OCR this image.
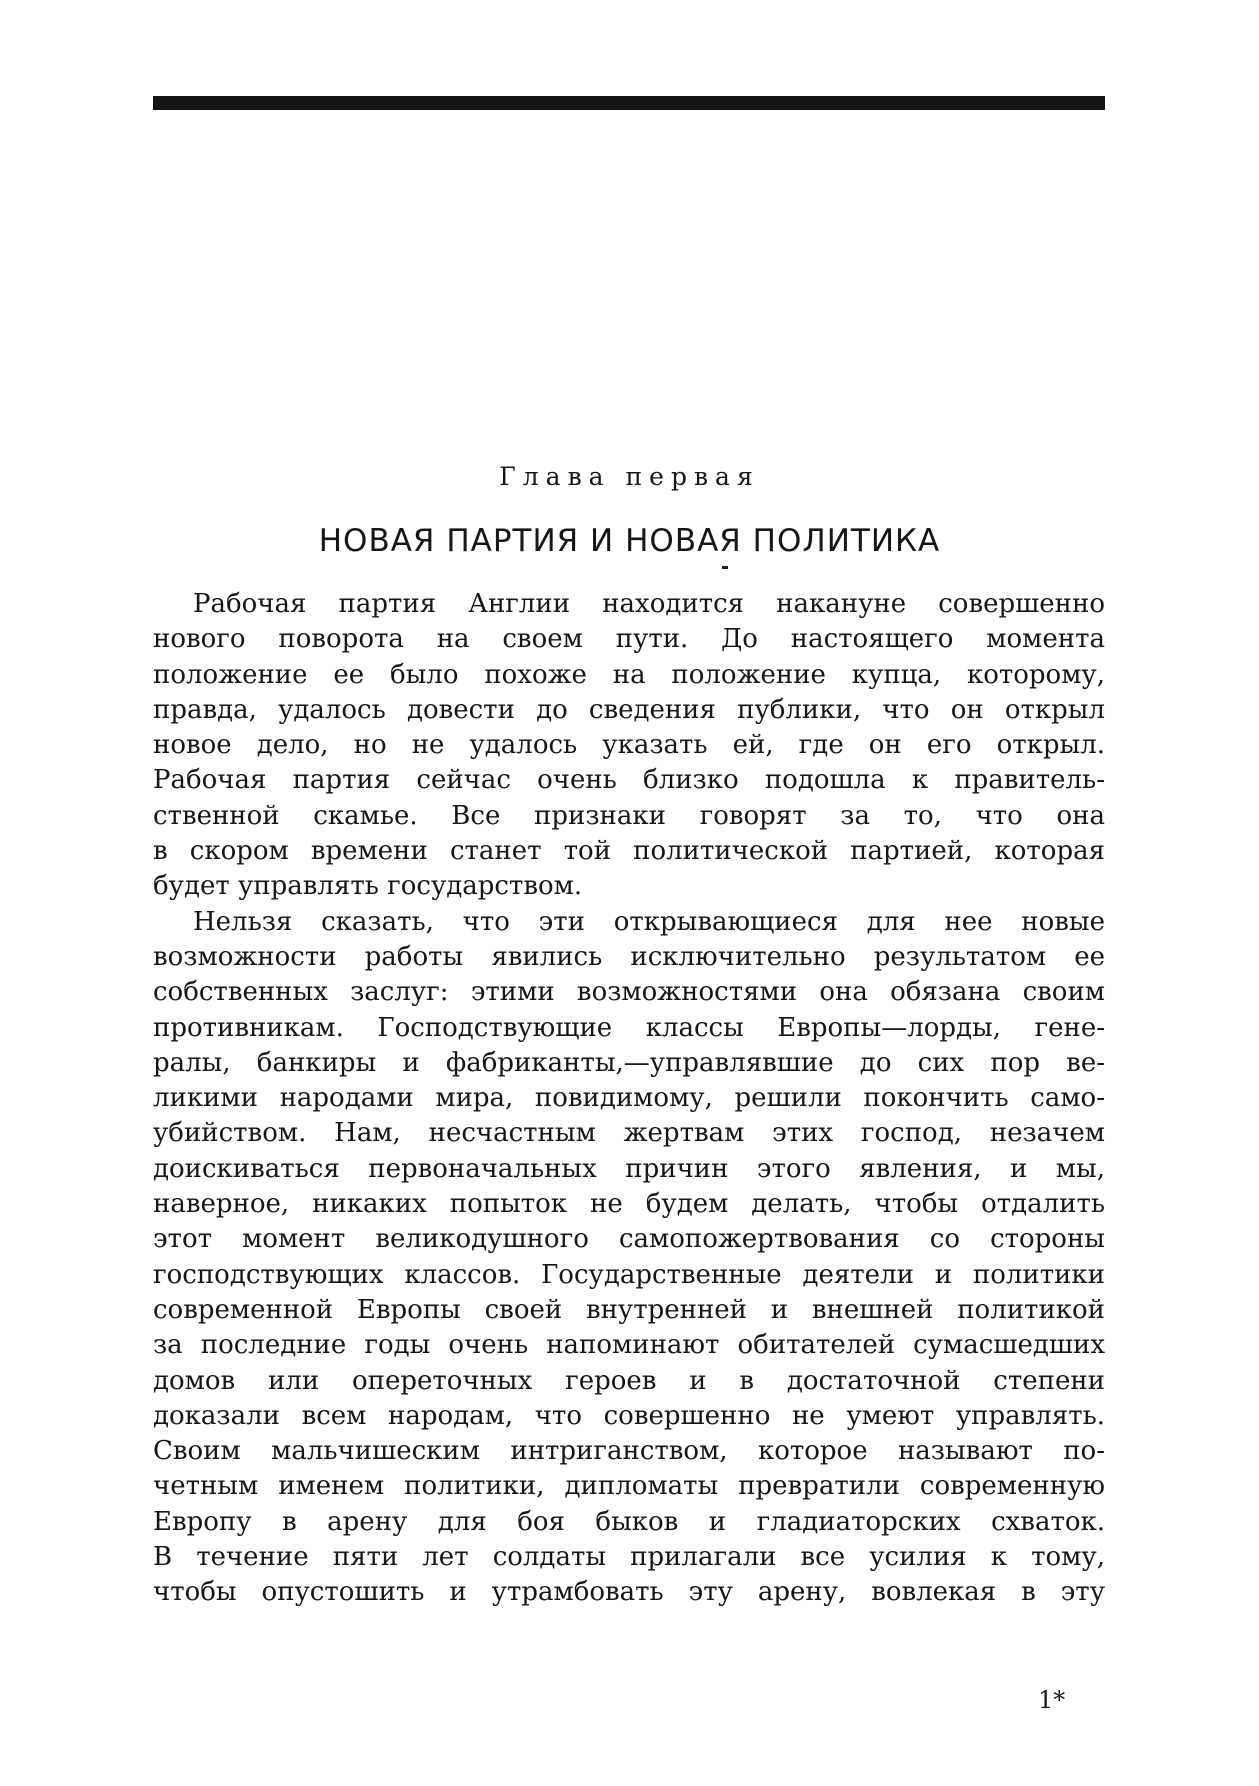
Глава первая
НОВАЯ ПАРТИЯ И НОВАЯ ПОЛИТИКА
Рабочая партия Англии находится накануне совершенно
нового поворота на своем пути. До настоящего момента
положение ее было похоже на положение купца, которому,
правда, удалось довести до сведения публики, что он открыл
новое дело, но не удалось указать ей, где он его открыл.
Рабочая партия сейчас очень близко подошла к правитель-
ственной скамье. Все признаки говорят за то, что она
в скором времени станет той политической партией, которая
будет управлять государством.
Нельзя сказать, что эти открывающиеся для нее новые
возможности работы явились исключительно результатом ее
собственных заслуг: этими возможностями она обязана своим
противникам. Господствующие классы Европы—лорды, гене-
ралы, банкиры и фабриканты,—управлявшие до сих пор ве-
ликими народами мира, повидимому, решили покончить само-
убийством. Нам, несчастным жертвам этих господ, незачем
доискиваться первоначальных причин этого явления, и мы,
наверное, никаких попыток не будем делать, чтобы отдалить
этот момент великодушного самопожертвования со стороны
господствующих классов. Государственные деятели и политики
современной Европы своей внутренней и внешней политикой
за последние годы очень напоминают обитателей сумасшедших
домов или опереточных героев и в достаточной степени
доказали всем народам, что совершенно не умеют управлять.
Своим мальчишеским интриганством, которое называют по-
четным именем политики, дипломаты превратили современную
Европу в арену для боя быков и гладиаторских схваток.
В течение пяти лет солдаты прилагали все усилия к тому,
чтобы опустошить и утрамбовать эту арену, вовлекая в эту
1*
